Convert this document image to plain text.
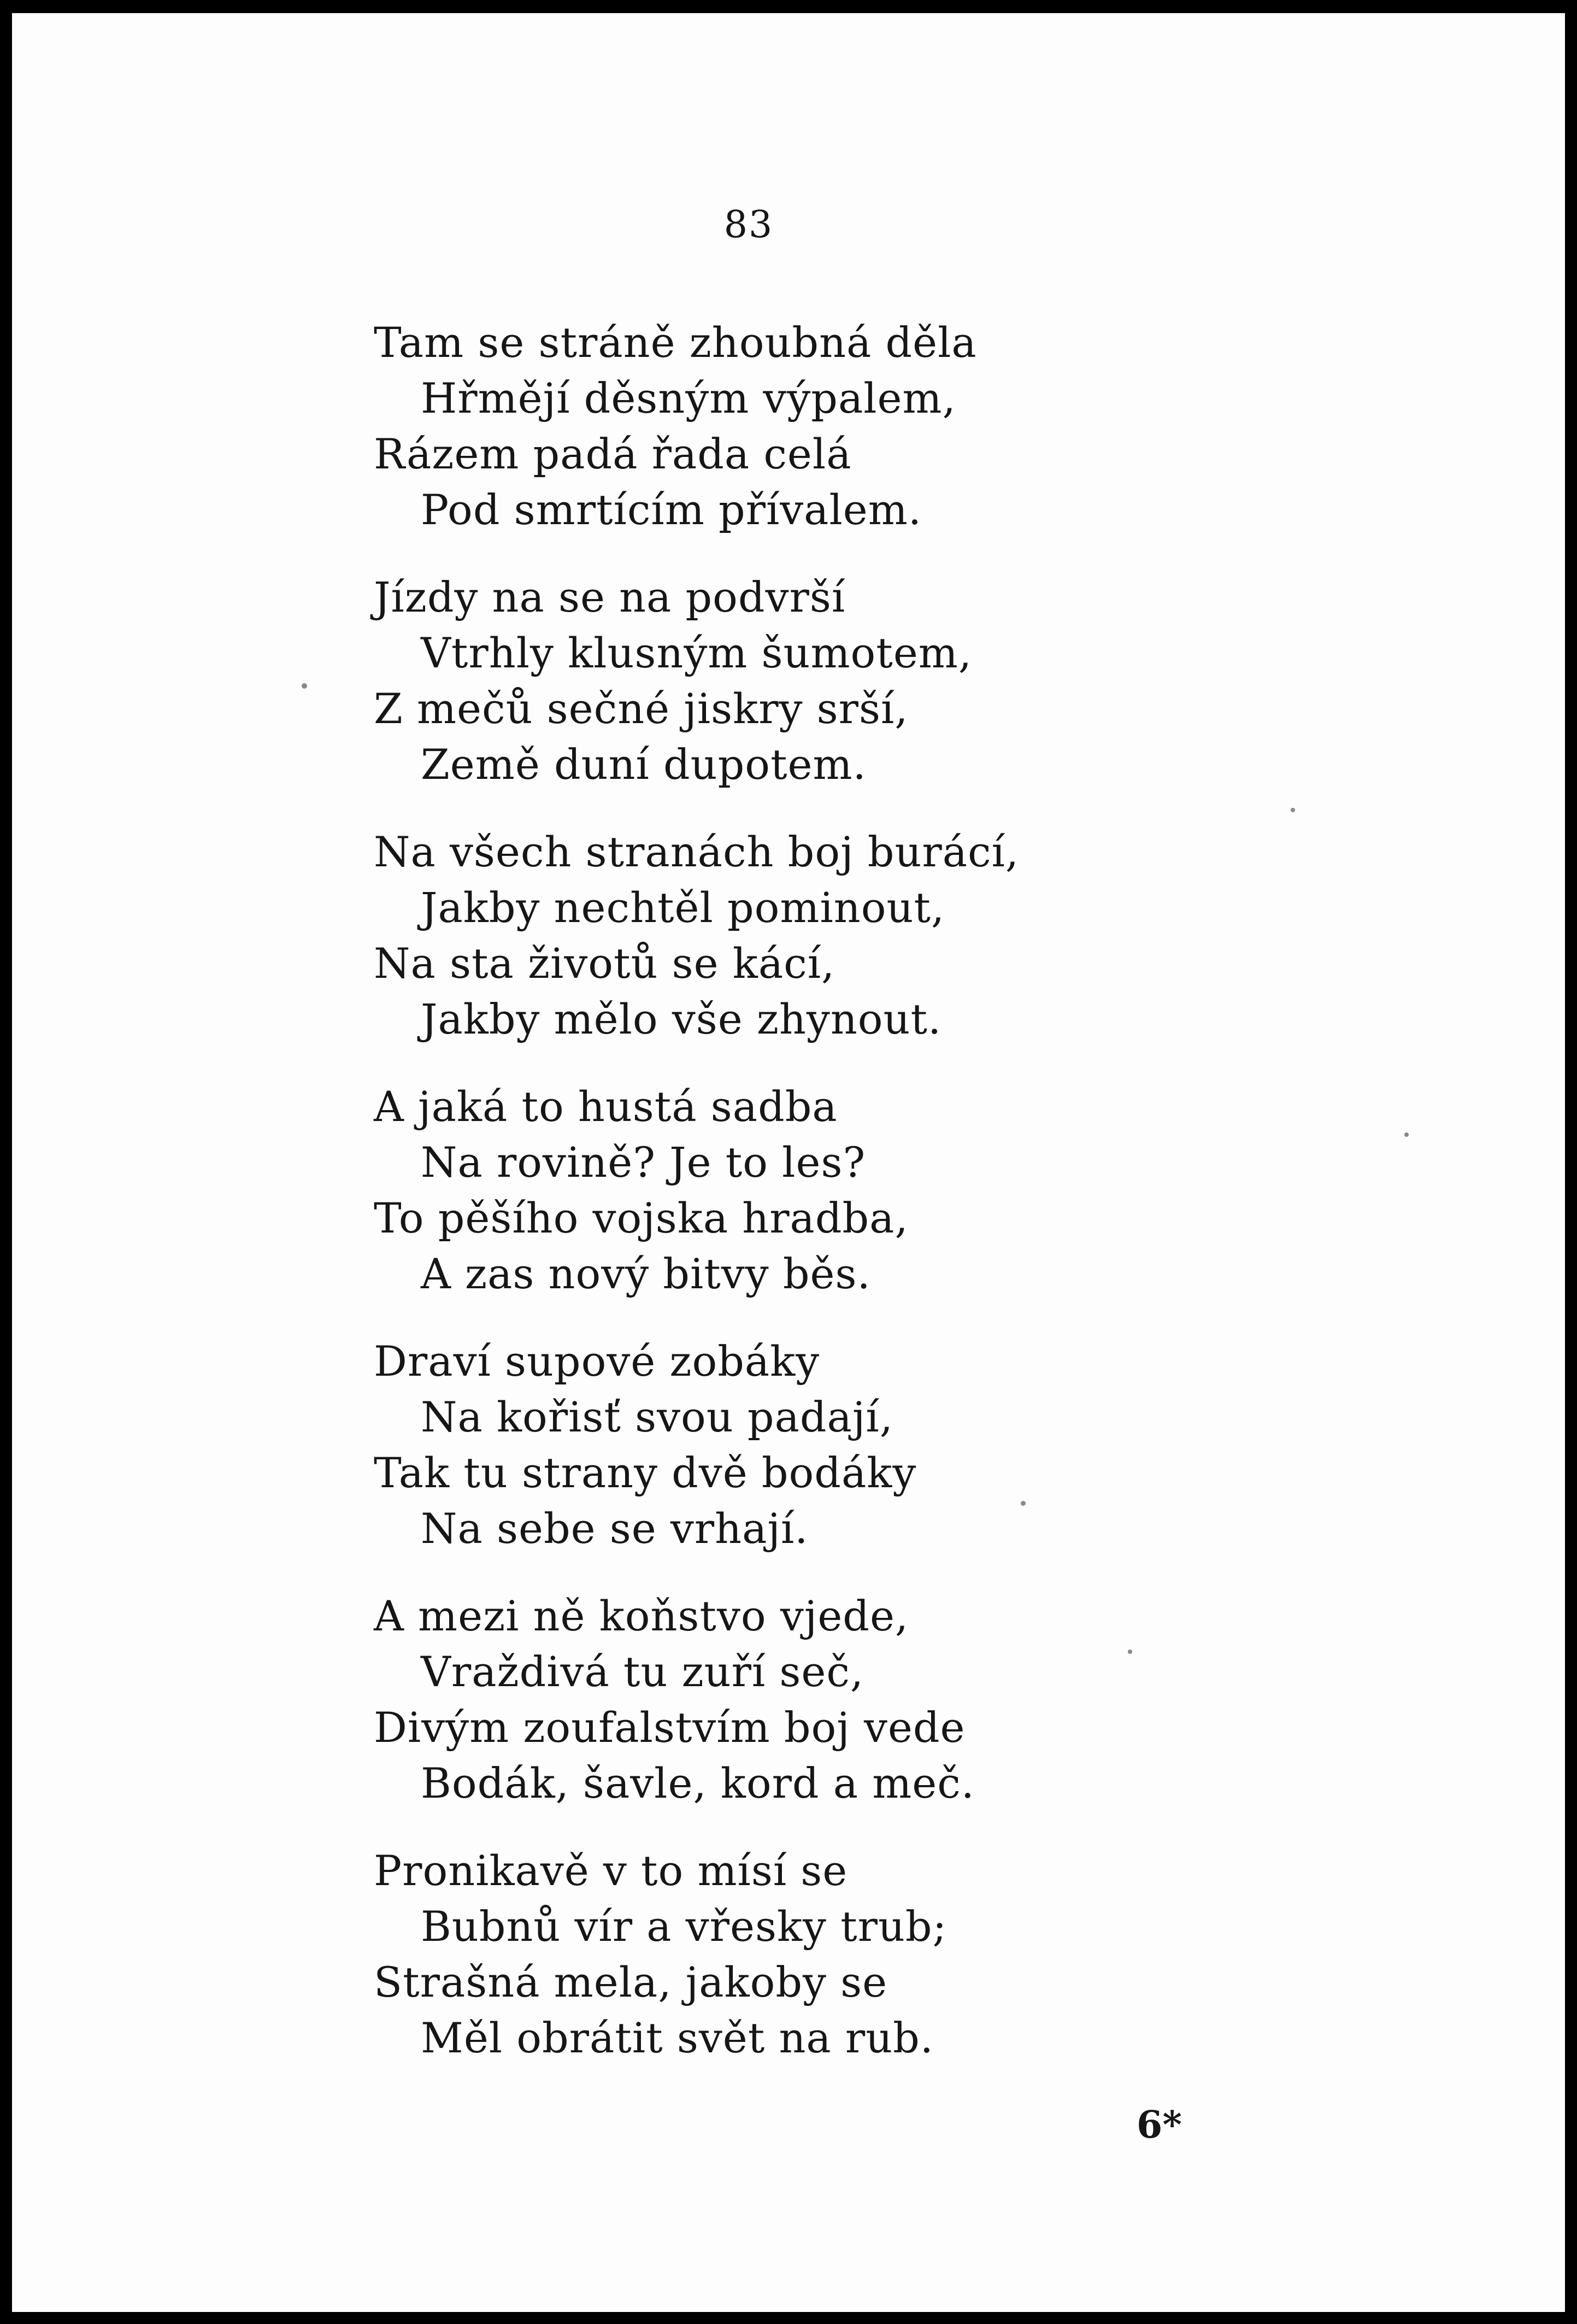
83

Tam se stráně zhoubná děla
Hřmějí děsným výpalem,
Rázem padá řada celá
Pod smrtícím přívalem.
Jízdy na se na podvrší
Vtrhly klusným šumotem,
Z mečů sečné jiskry srší,
Země duní dupotem.
Na všech stranách boj burácí,
Jakby nechtěl pominout,
Na sta životů se kácí,
Jakby mělo vše zhynout.
A jaká to hustá sadba
Na rovině? Je to les?
To pěšího vojska hradba,
A zas nový bitvy běs.
Draví supové zobáky
Na kořisť svou padají,
Tak tu strany dvě bodáky
Na sebe se vrhají.
A mezi ně koňstvo vjede,
Vraždivá tu zuří seč,
Divým zoufalstvím boj vede
Bodák, šavle, kord a meč.
Pronikavě v to mísí se
Bubnů vír a vřesky trub;
Strašná mela, jakoby se
Měl obrátit svět na rub.

6*
